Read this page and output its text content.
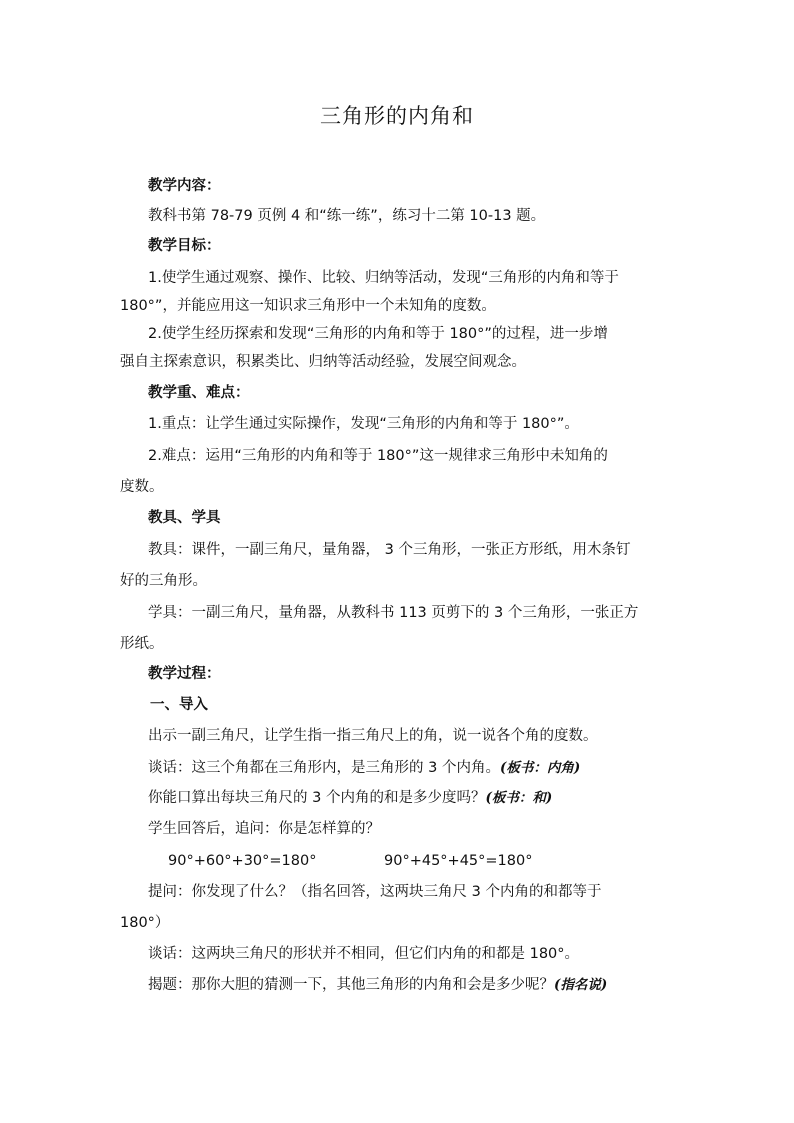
三角形的内角和
教学内容：
教科书第 78-79 页例 4 和“练一练”，练习十二第 10-13 题。
教学目标：
1.使学生通过观察、操作、比较、归纳等活动，发现“三角形的内角和等于
180°”，并能应用这一知识求三角形中一个未知角的度数。
2.使学生经历探索和发现“三角形的内角和等于 180°”的过程，进一步增
强自主探索意识，积累类比、归纳等活动经验，发展空间观念。
教学重、难点：
1.重点：让学生通过实际操作，发现“三角形的内角和等于 180°”。
2.难点：运用“三角形的内角和等于 180°”这一规律求三角形中未知角的
度数。
教具、学具
教具：课件，一副三角尺，量角器， 3 个三角形，一张正方形纸，用木条钉
好的三角形。
学具：一副三角尺，量角器，从教科书 113 页剪下的 3 个三角形，一张正方
形纸。
教学过程：
一、导入
出示一副三角尺，让学生指一指三角尺上的角，说一说各个角的度数。
谈话：这三个角都在三角形内，是三角形的 3 个内角。(板书：内角)
你能口算出每块三角尺的 3 个内角的和是多少度吗？(板书：和)
学生回答后，追问：你是怎样算的？
90°+60°+30°=180°	90°+45°+45°=180°
提问：你发现了什么？（指名回答，这两块三角尺 3 个内角的和都等于
180°）
谈话：这两块三角尺的形状并不相同，但它们内角的和都是 180°。
揭题：那你大胆的猜测一下，其他三角形的内角和会是多少呢？(指名说)
